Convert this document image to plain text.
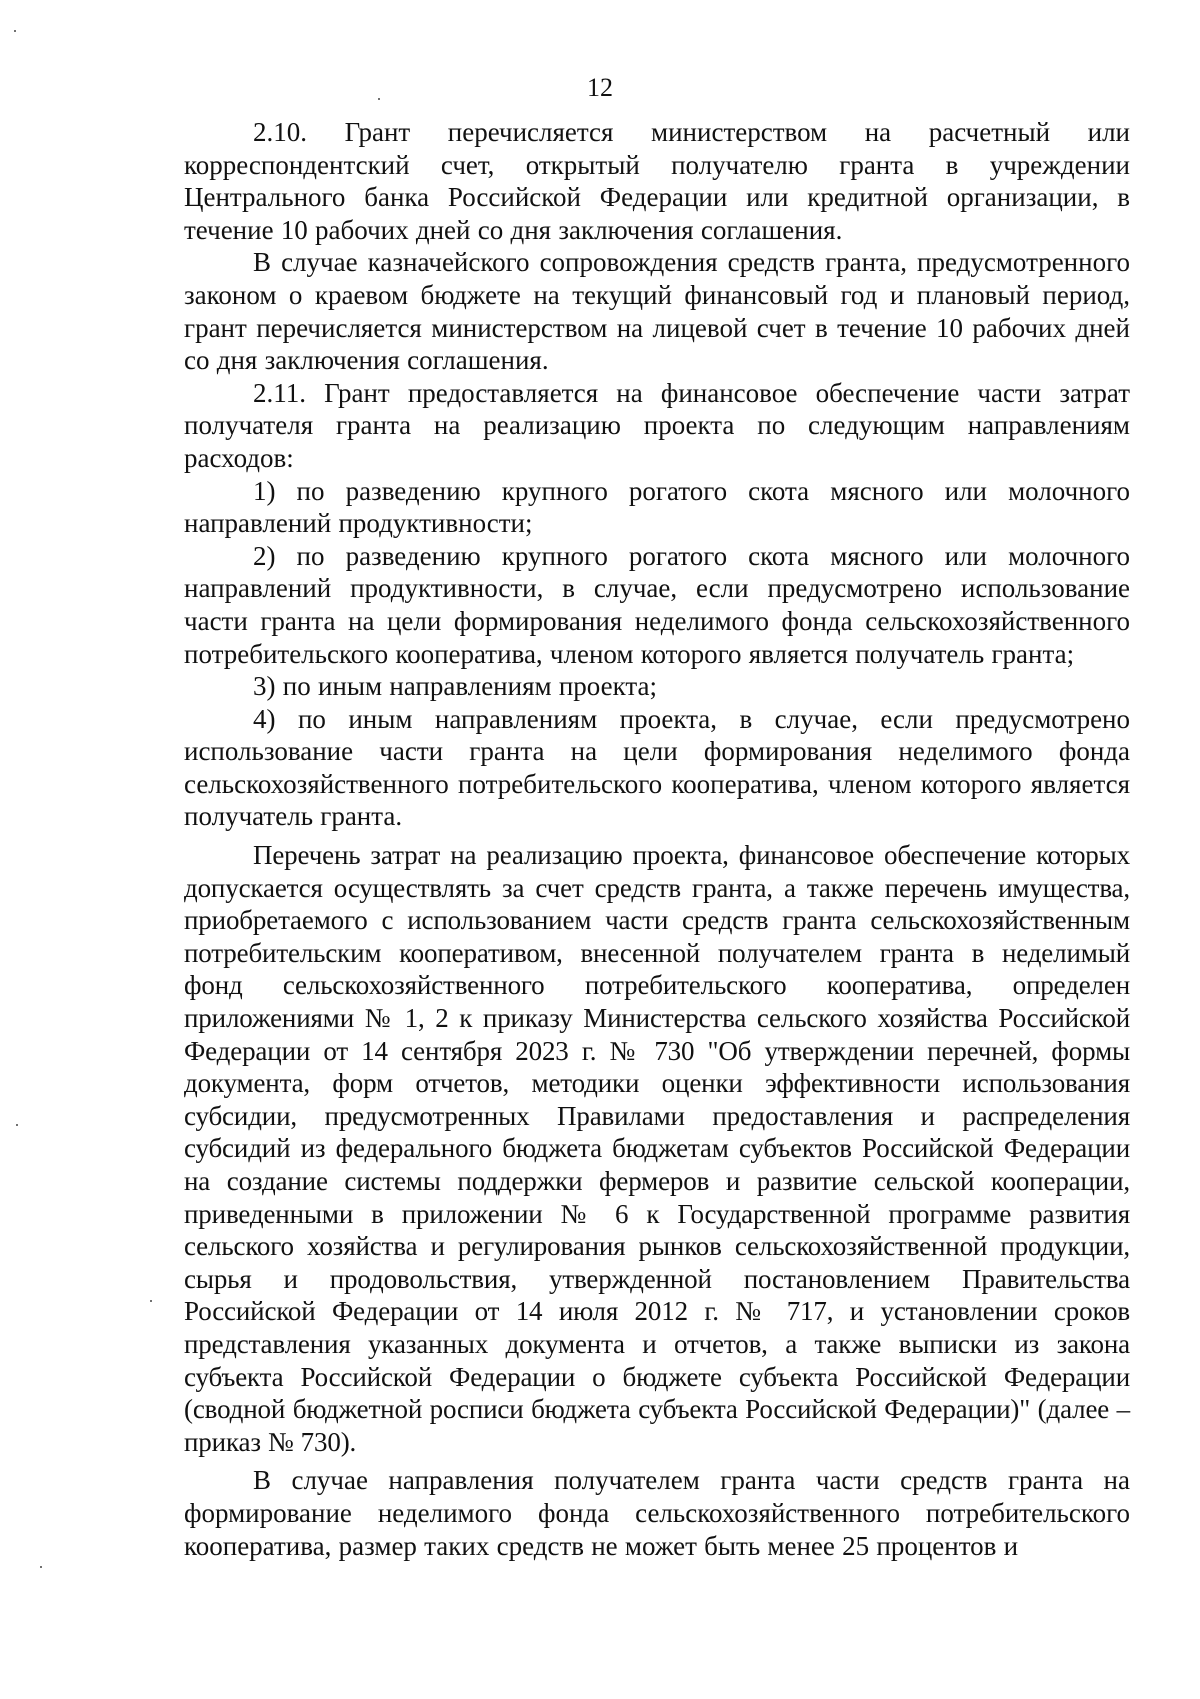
12

2.10. Грант перечисляется министерством на расчетный или корреспондентский счет, открытый получателю гранта в учреждении Центрального банка Российской Федерации или кредитной организации, в течение 10 рабочих дней со дня заключения соглашения.

В случае казначейского сопровождения средств гранта, предусмотренного законом о краевом бюджете на текущий финансовый год и плановый период, грант перечисляется министерством на лицевой счет в течение 10 рабочих дней со дня заключения соглашения.

2.11. Грант предоставляется на финансовое обеспечение части затрат получателя гранта на реализацию проекта по следующим направлениям расходов:

1) по разведению крупного рогатого скота мясного или молочного направлений продуктивности;

2) по разведению крупного рогатого скота мясного или молочного направлений продуктивности, в случае, если предусмотрено использование части гранта на цели формирования неделимого фонда сельскохозяйственного потребительского кооператива, членом которого является получатель гранта;

3) по иным направлениям проекта;

4) по иным направлениям проекта, в случае, если предусмотрено использование части гранта на цели формирования неделимого фонда сельскохозяйственного потребительского кооператива, членом которого является получатель гранта.

Перечень затрат на реализацию проекта, финансовое обеспечение которых допускается осуществлять за счет средств гранта, а также перечень имущества, приобретаемого с использованием части средств гранта сельскохозяйственным потребительским кооперативом, внесенной получателем гранта в неделимый фонд сельскохозяйственного потребительского кооператива, определен приложениями № 1, 2 к приказу Министерства сельского хозяйства Российской Федерации от 14 сентября 2023 г. № 730 "Об утверждении перечней, формы документа, форм отчетов, методики оценки эффективности использования субсидии, предусмотренных Правилами предоставления и распределения субсидий из федерального бюджета бюджетам субъектов Российской Федерации на создание системы поддержки фермеров и развитие сельской кооперации, приведенными в приложении № 6 к Государственной программе развития сельского хозяйства и регулирования рынков сельскохозяйственной продукции, сырья и продовольствия, утвержденной постановлением Правительства Российской Федерации от 14 июля 2012 г. № 717, и установлении сроков представления указанных документа и отчетов, а также выписки из закона субъекта Российской Федерации о бюджете субъекта Российской Федерации (сводной бюджетной росписи бюджета субъекта Российской Федерации)" (далее – приказ № 730).

В случае направления получателем гранта части средств гранта на формирование неделимого фонда сельскохозяйственного потребительского кооператива, размер таких средств не может быть менее 25 процентов и
